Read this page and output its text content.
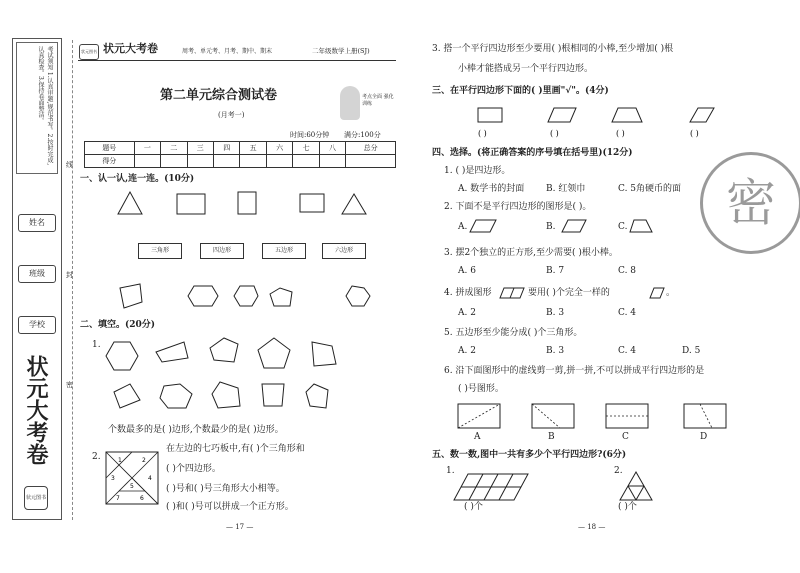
考试须知 1.认真审题,规范书写。2.按时完成,认真检查。3.保持卷面整洁。
姓名
班级
学校
状元大考卷
状元图书
线
封
密
状元图书 状元大考卷	周考、单元考、月考、期中、期末	二年级数学上册(SJ)
第二单元综合测试卷
(月考一)
考点全面 强化训练
时间:60分钟 满分:100分
题号	一	二	三	四	五	六	七	八	总分
得分									
一、认一认,连一连。(10分)
三角形	四边形	五边形	六边形
二、填空。(20分)
1.
个数最多的是( )边形,个数最少的是( )边形。
2.	1	2
3	4
5
6
7
在左边的七巧板中,有( )个三角形和
( )个四边形。
( )号和( )号三角形大小相等。
( )和( )号可以拼成一个正方形。
— 17 —
3. 搭一个平行四边形至少要用( )根相同的小棒,至少增加( )根
小棒才能搭成另一个平行四边形。
三、在平行四边形下面的( )里画"√"。(4分)
( )	( )	( )	( )
四、选择。(将正确答案的序号填在括号里)(12分)
1. ( )是四边形。
A. 数学书的封面 B. 红领巾	C. 5角硬币的面
2. 下面不是平行四边形的图形是( )。
A.	B.	C.
3. 摆2个独立的正方形,至少需要( )根小棒。
A. 6	B. 7	C. 8
4. 拼成图形	要用( )个完全一样的	。
A. 2	B. 3	C. 4
5. 五边形至少能分成( )个三角形。
A. 2	B. 3	C. 4	D. 5
6. 沿下面图形中的虚线剪一剪,拼一拼,不可以拼成平行四边形的是
( )号图形。
A	B	C	D
五、数一数,图中一共有多少个平行四边形?(6分)
1.
( )个
2.
( )个
— 18 —
密
